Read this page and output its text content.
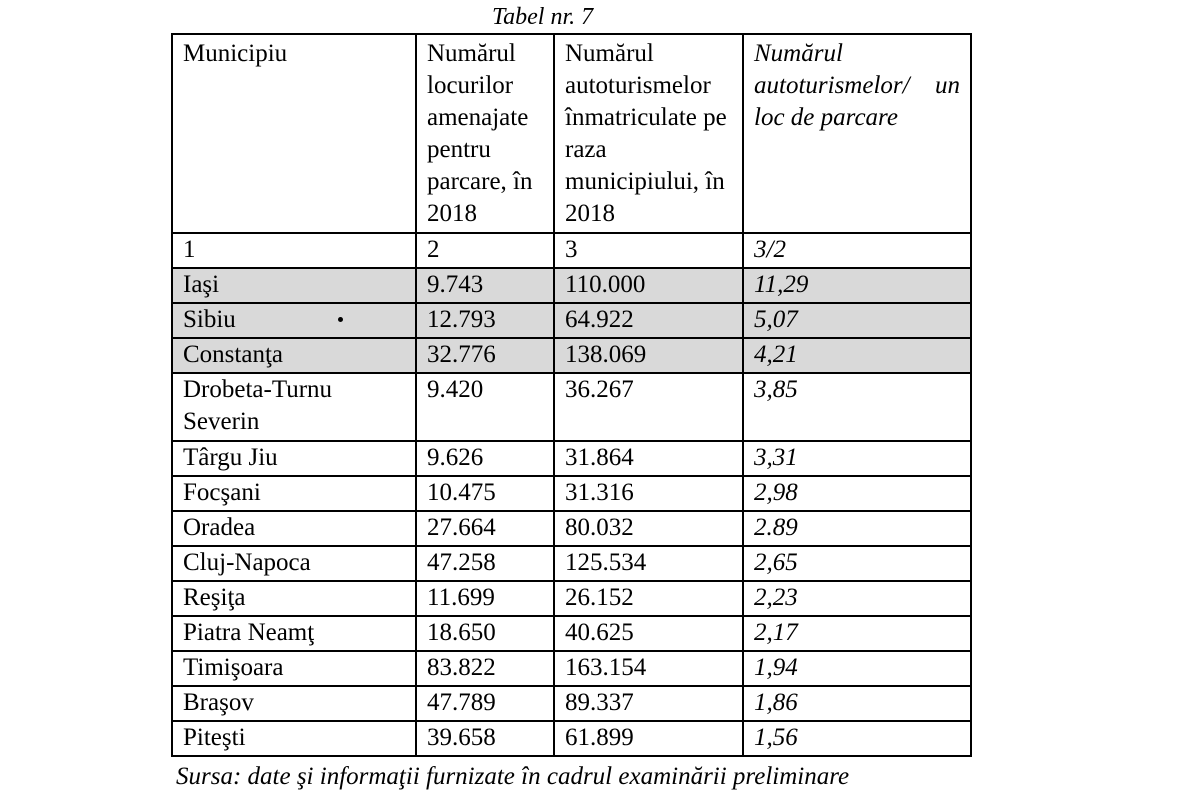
Tabel nr. 7
Municipiu	Numărul locurilor amenajate pentru parcare, în 2018	Numărul autoturismelor înmatriculate pe raza municipiului, în 2018	Numărul autoturismelor/ un loc de parcare
1	2	3	3/2
Iaşi	9.743	110.000	11,29
Sibiu	12.793	64.922	5,07
Constanţa	32.776	138.069	4,21
Drobeta-Turnu Severin	9.420	36.267	3,85
Târgu Jiu	9.626	31.864	3,31
Focşani	10.475	31.316	2,98
Oradea	27.664	80.032	2.89
Cluj-Napoca	47.258	125.534	2,65
Reşiţa	11.699	26.152	2,23
Piatra Neamţ	18.650	40.625	2,17
Timişoara	83.822	163.154	1,94
Braşov	47.789	89.337	1,86
Piteşti	39.658	61.899	1,56
Sursa: date şi informaţii furnizate în cadrul examinării preliminare
